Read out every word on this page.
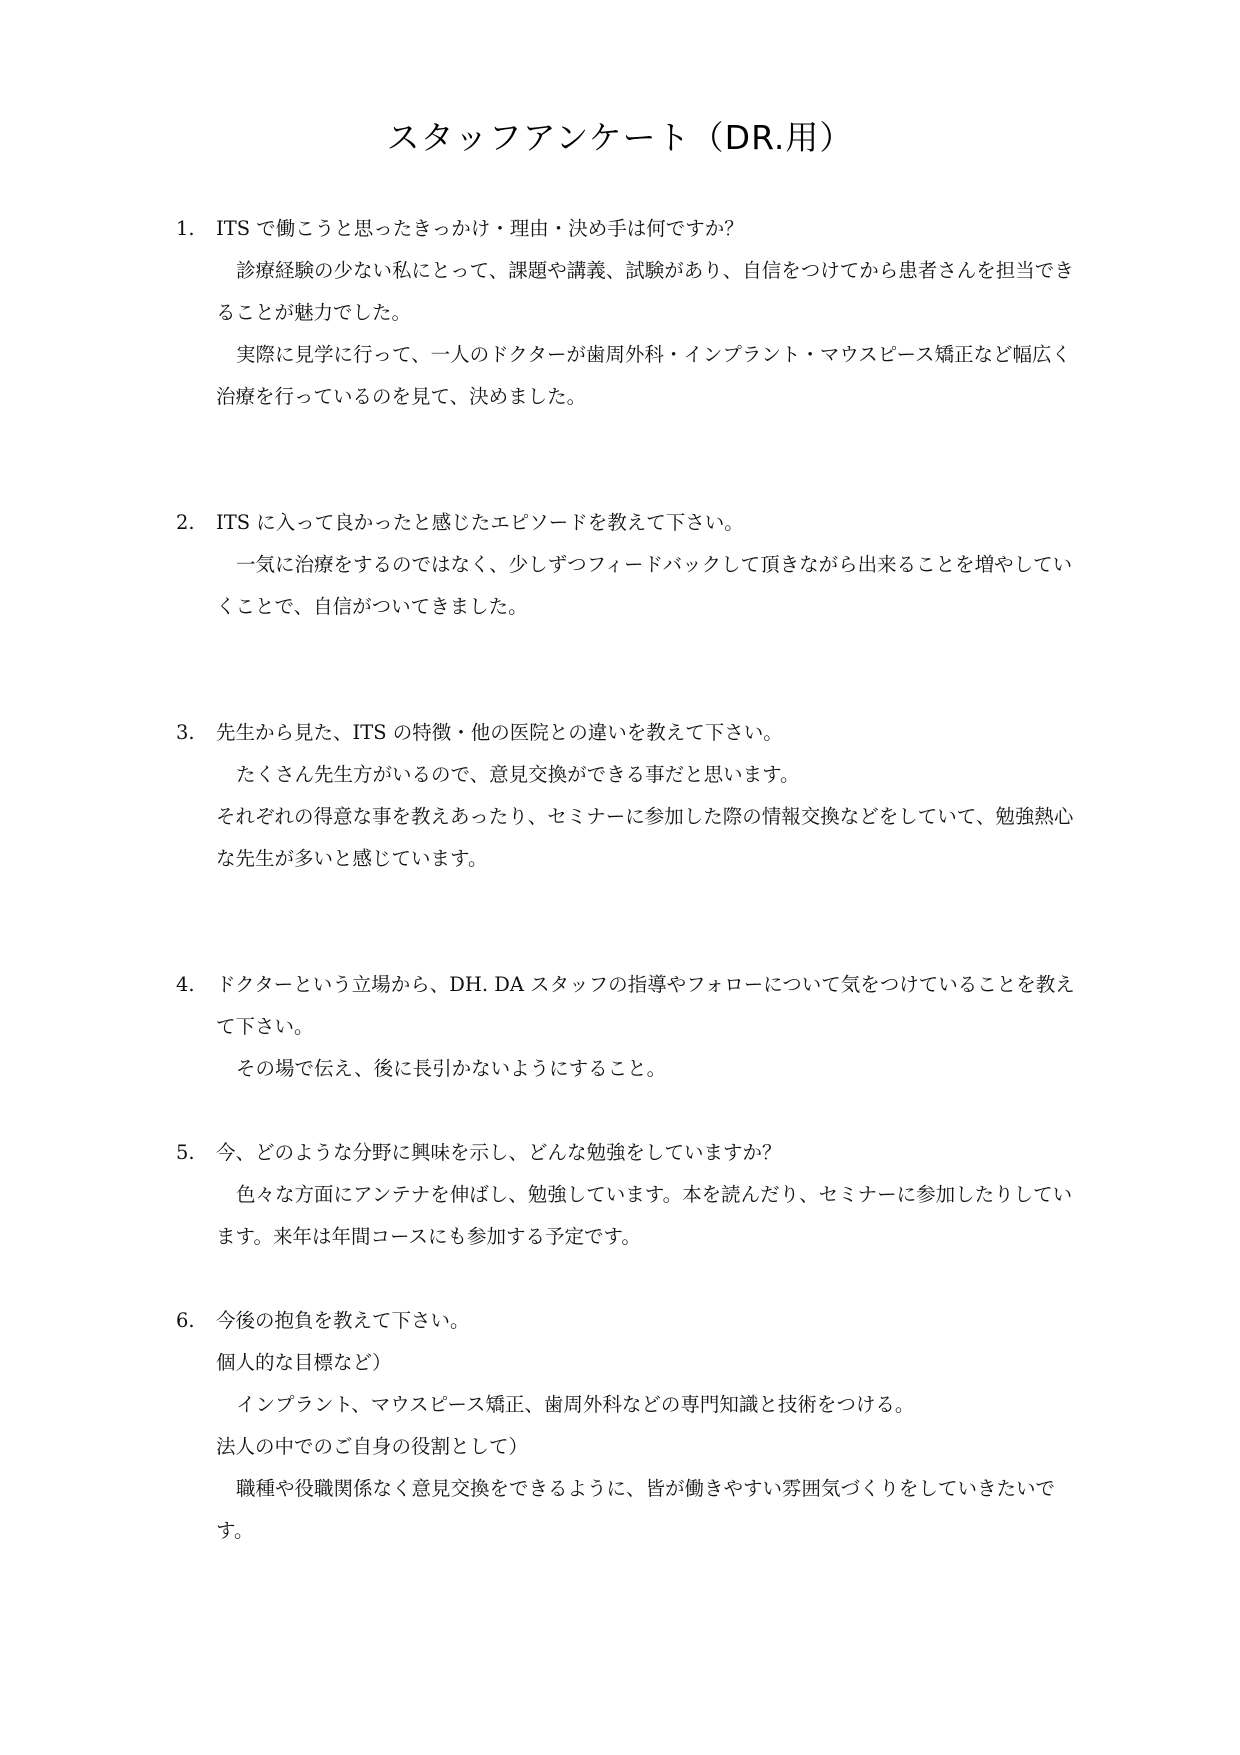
スタッフアンケート（DR.用）
1.	ITS で働こうと思ったきっかけ・理由・決め手は何ですか？

診療経験の少ない私にとって、課題や講義、試験があり、自信をつけてから患者さんを担当できることが魅力でした。

実際に見学に行って、一人のドクターが歯周外科・インプラント・マウスピース矯正など幅広く治療を行っているのを見て、決めました。

2.	ITS に入って良かったと感じたエピソードを教えて下さい。

一気に治療をするのではなく、少しずつフィードバックして頂きながら出来ることを増やしていくことで、自信がついてきました。

3.	先生から見た、ITS の特徴・他の医院との違いを教えて下さい。

たくさん先生方がいるので、意見交換ができる事だと思います。

それぞれの得意な事を教えあったり、セミナーに参加した際の情報交換などをしていて、勉強熱心な先生が多いと感じています。

4.	ドクターという立場から、DH. DA スタッフの指導やフォローについて気をつけていることを教えて下さい。

その場で伝え、後に長引かないようにすること。

5.	今、どのような分野に興味を示し、どんな勉強をしていますか？

色々な方面にアンテナを伸ばし、勉強しています。本を読んだり、セミナーに参加したりしています。来年は年間コースにも参加する予定です。

6.	今後の抱負を教えて下さい。

個人的な目標など）

インプラント、マウスピース矯正、歯周外科などの専門知識と技術をつける。

法人の中でのご自身の役割として）

職種や役職関係なく意見交換をできるように、皆が働きやすい雰囲気づくりをしていきたいです。
